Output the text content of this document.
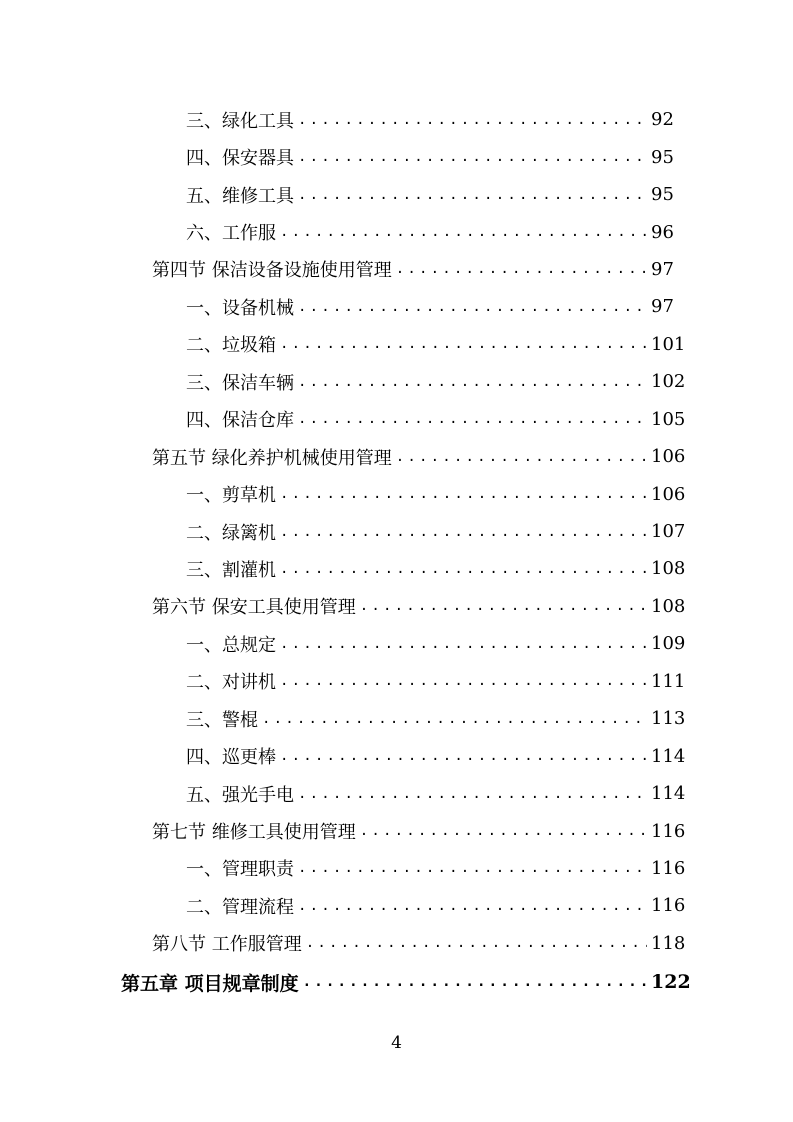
三、绿化工具 .....	92
四、保安器具 .....	95
五、维修工具 .....	95
六、工作服 .....	96
第四节 保洁设备设施使用管理 .....	97
一、设备机械 .....	97
二、垃圾箱 .....	101
三、保洁车辆 .....	102
四、保洁仓库 .....	105
第五节 绿化养护机械使用管理 .....	106
一、剪草机 .....	106
二、绿篱机 .....	107
三、割灌机 .....	108
第六节 保安工具使用管理 .....	108
一、总规定 .....	109
二、对讲机 .....	111
三、警棍 .....	113
四、巡更棒 .....	114
五、强光手电 .....	114
第七节 维修工具使用管理 .....	116
一、管理职责 .....	116
二、管理流程 .....	116
第八节 工作服管理 .....	118
第五章 项目规章制度 .....	122
4
